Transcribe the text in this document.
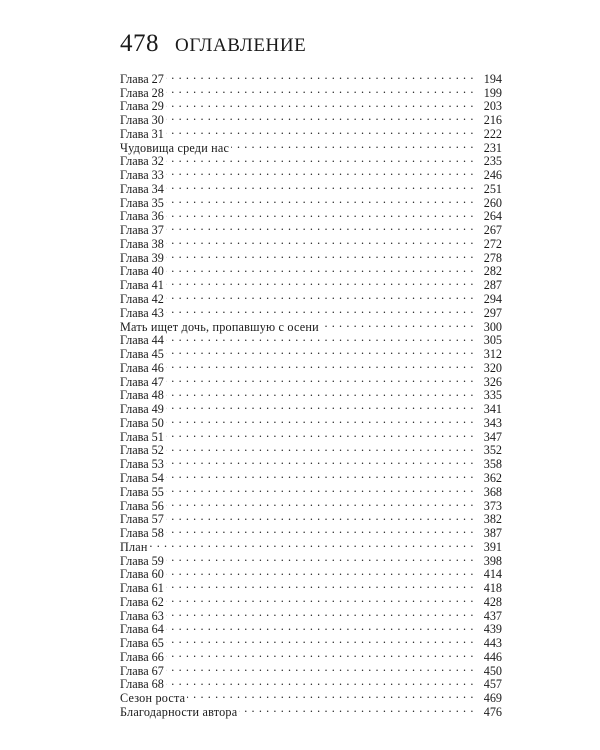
478 ОГЛАВЛЕНИЕ
Глава 27 . . .	194
Глава 28 . . .	199
Глава 29 . . .	203
Глава 30 . . .	216
Глава 31 . . .	222
Чудовища среди нас . . .	231
Глава 32 . . .	235
Глава 33 . . .	246
Глава 34 . . .	251
Глава 35 . . .	260
Глава 36 . . .	264
Глава 37 . . .	267
Глава 38 . . .	272
Глава 39 . . .	278
Глава 40 . . .	282
Глава 41 . . .	287
Глава 42 . . .	294
Глава 43 . . .	297
Мать ищет дочь, пропавшую с осени . . .	300
Глава 44 . . .	305
Глава 45 . . .	312
Глава 46 . . .	320
Глава 47 . . .	326
Глава 48 . . .	335
Глава 49 . . .	341
Глава 50 . . .	343
Глава 51 . . .	347
Глава 52 . . .	352
Глава 53 . . .	358
Глава 54 . . .	362
Глава 55 . . .	368
Глава 56 . . .	373
Глава 57 . . .	382
Глава 58 . . .	387
План . . .	391
Глава 59 . . .	398
Глава 60 . . .	414
Глава 61 . . .	418
Глава 62 . . .	428
Глава 63 . . .	437
Глава 64 . . .	439
Глава 65 . . .	443
Глава 66 . . .	446
Глава 67 . . .	450
Глава 68 . . .	457
Сезон роста . . .	469
Благодарности автора . . .	476
